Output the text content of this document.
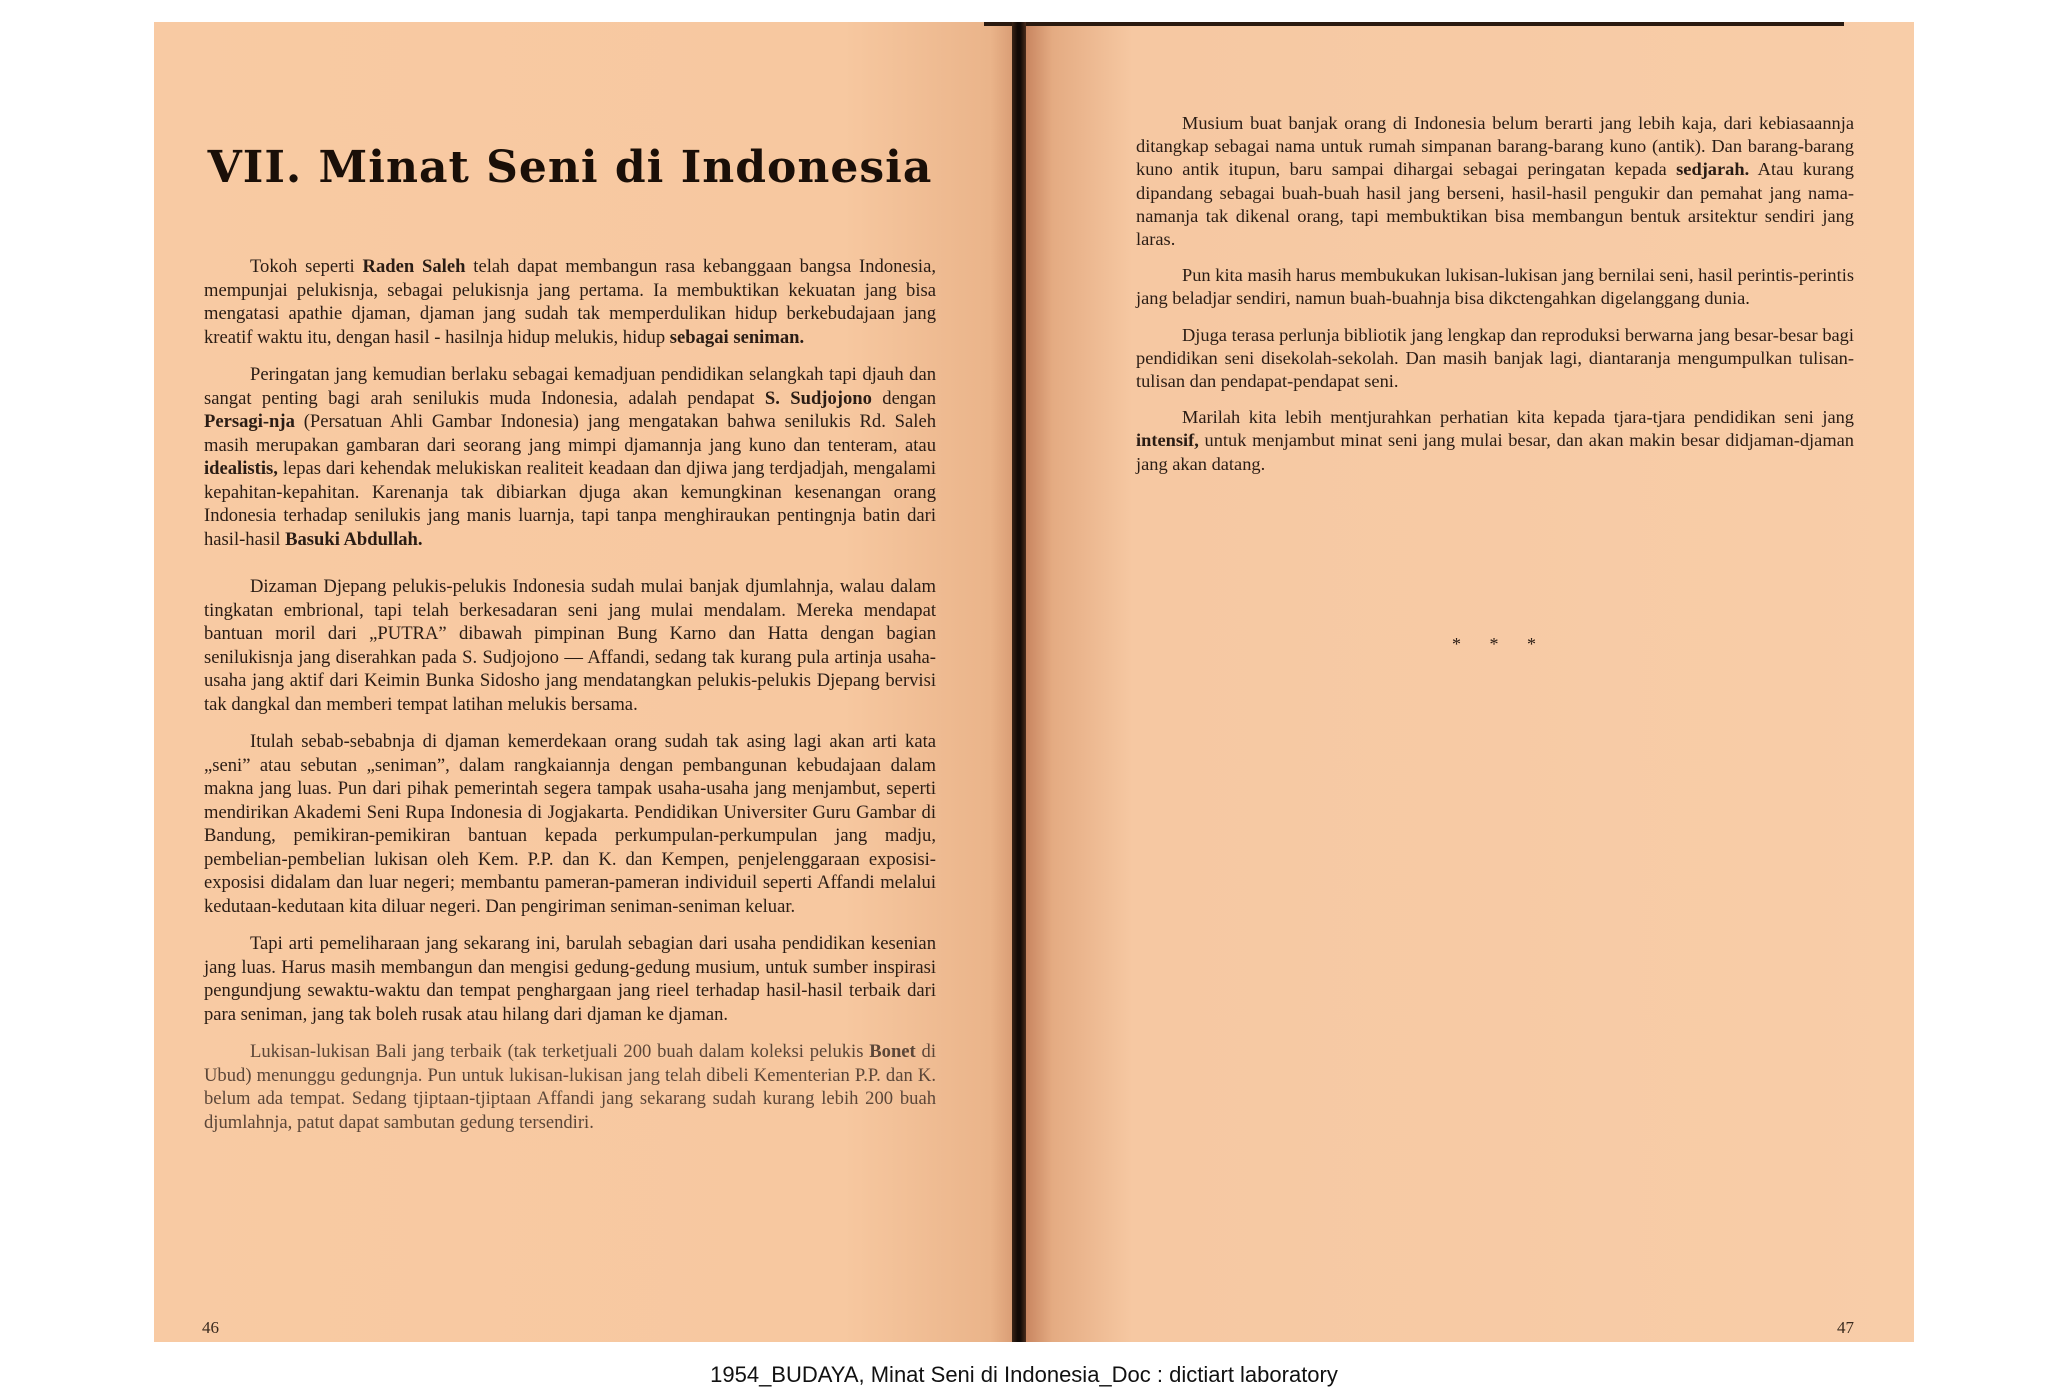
VII. Minat Seni di Indonesia

Tokoh seperti Raden Saleh telah dapat membangun rasa kebanggaan bangsa Indonesia, mempunjai pelukisnja, sebagai pelukisnja jang pertama. Ia membuktikan kekuatan jang bisa mengatasi apathie djaman, djaman jang sudah tak memperdulikan hidup berkebudajaan jang kreatif waktu itu, dengan hasil - hasilnja hidup melukis, hidup sebagai seniman.

Peringatan jang kemudian berlaku sebagai kemadjuan pendidikan selangkah tapi djauh dan sangat penting bagi arah senilukis muda Indonesia, adalah pendapat S. Sudjojono dengan Persagi-nja (Persatuan Ahli Gambar Indonesia) jang mengatakan bahwa senilukis Rd. Saleh masih merupakan gambaran dari seorang jang mimpi djamannja jang kuno dan tenteram, atau idealistis, lepas dari kehendak melukiskan realiteit keadaan dan djiwa jang terdjadjah, mengalami kepahitan-kepahitan. Karenanja tak dibiarkan djuga akan kemungkinan kesenangan orang Indonesia terhadap senilukis jang manis luarnja, tapi tanpa menghiraukan pentingnja batin dari hasil-hasil Basuki Abdullah.

Dizaman Djepang pelukis-pelukis Indonesia sudah mulai banjak djumlahnja, walau dalam tingkatan embrional, tapi telah berkesadaran seni jang mulai mendalam. Mereka mendapat bantuan moril dari „PUTRA” dibawah pimpinan Bung Karno dan Hatta dengan bagian senilukisnja jang diserahkan pada S. Sudjojono — Affandi, sedang tak kurang pula artinja usaha-usaha jang aktif dari Keimin Bunka Sidosho jang mendatangkan pelukis-pelukis Djepang bervisi tak dangkal dan memberi tempat latihan melukis bersama.

Itulah sebab-sebabnja di djaman kemerdekaan orang sudah tak asing lagi akan arti kata „seni” atau sebutan „seniman”, dalam rangkaiannja dengan pembangunan kebudajaan dalam makna jang luas. Pun dari pihak pemerintah segera tampak usaha-usaha jang menjambut, seperti mendirikan Akademi Seni Rupa Indonesia di Jogjakarta. Pendidikan Universiter Guru Gambar di Bandung, pemikiran-pemikiran bantuan kepada perkumpulan-perkumpulan jang madju, pembelian-pembelian lukisan oleh Kem. P.P. dan K. dan Kempen, penjelenggaraan exposisi-exposisi didalam dan luar negeri; membantu pameran-pameran individuil seperti Affandi melalui kedutaan-kedutaan kita diluar negeri. Dan pengiriman seniman-seniman keluar.

Tapi arti pemeliharaan jang sekarang ini, barulah sebagian dari usaha pendidikan kesenian jang luas. Harus masih membangun dan mengisi gedung-gedung musium, untuk sumber inspirasi pengundjung sewaktu-waktu dan tempat penghargaan jang rieel terhadap hasil-hasil terbaik dari para seniman, jang tak boleh rusak atau hilang dari djaman ke djaman.

Lukisan-lukisan Bali jang terbaik (tak terketjuali 200 buah dalam koleksi pelukis Bonet di Ubud) menunggu gedungnja. Pun untuk lukisan-lukisan jang telah dibeli Kementerian P.P. dan K. belum ada tempat. Sedang tjiptaan-tjiptaan Affandi jang sekarang sudah kurang lebih 200 buah djumlahnja, patut dapat sambutan gedung tersendiri.

46

Musium buat banjak orang di Indonesia belum berarti jang lebih kaja, dari kebiasaannja ditangkap sebagai nama untuk rumah simpanan barang-barang kuno (antik). Dan barang-barang kuno antik itupun, baru sampai dihargai sebagai peringatan kepada sedjarah. Atau kurang dipandang sebagai buah-buah hasil jang berseni, hasil-hasil pengukir dan pemahat jang nama-namanja tak dikenal orang, tapi membuktikan bisa membangun bentuk arsitektur sendiri jang laras.

Pun kita masih harus membukukan lukisan-lukisan jang bernilai seni, hasil perintis-perintis jang beladjar sendiri, namun buah-buahnja bisa dikctengahkan digelanggang dunia.

Djuga terasa perlunja bibliotik jang lengkap dan reproduksi berwarna jang besar-besar bagi pendidikan seni disekolah-sekolah. Dan masih banjak lagi, diantaranja mengumpulkan tulisan-tulisan dan pendapat-pendapat seni.

Marilah kita lebih mentjurahkan perhatian kita kepada tjara-tjara pendidikan seni jang intensif, untuk menjambut minat seni jang mulai besar, dan akan makin besar didjaman-djaman jang akan datang.

* * *
47
1954_BUDAYA, Minat Seni di Indonesia_Doc : dictiart laboratory
